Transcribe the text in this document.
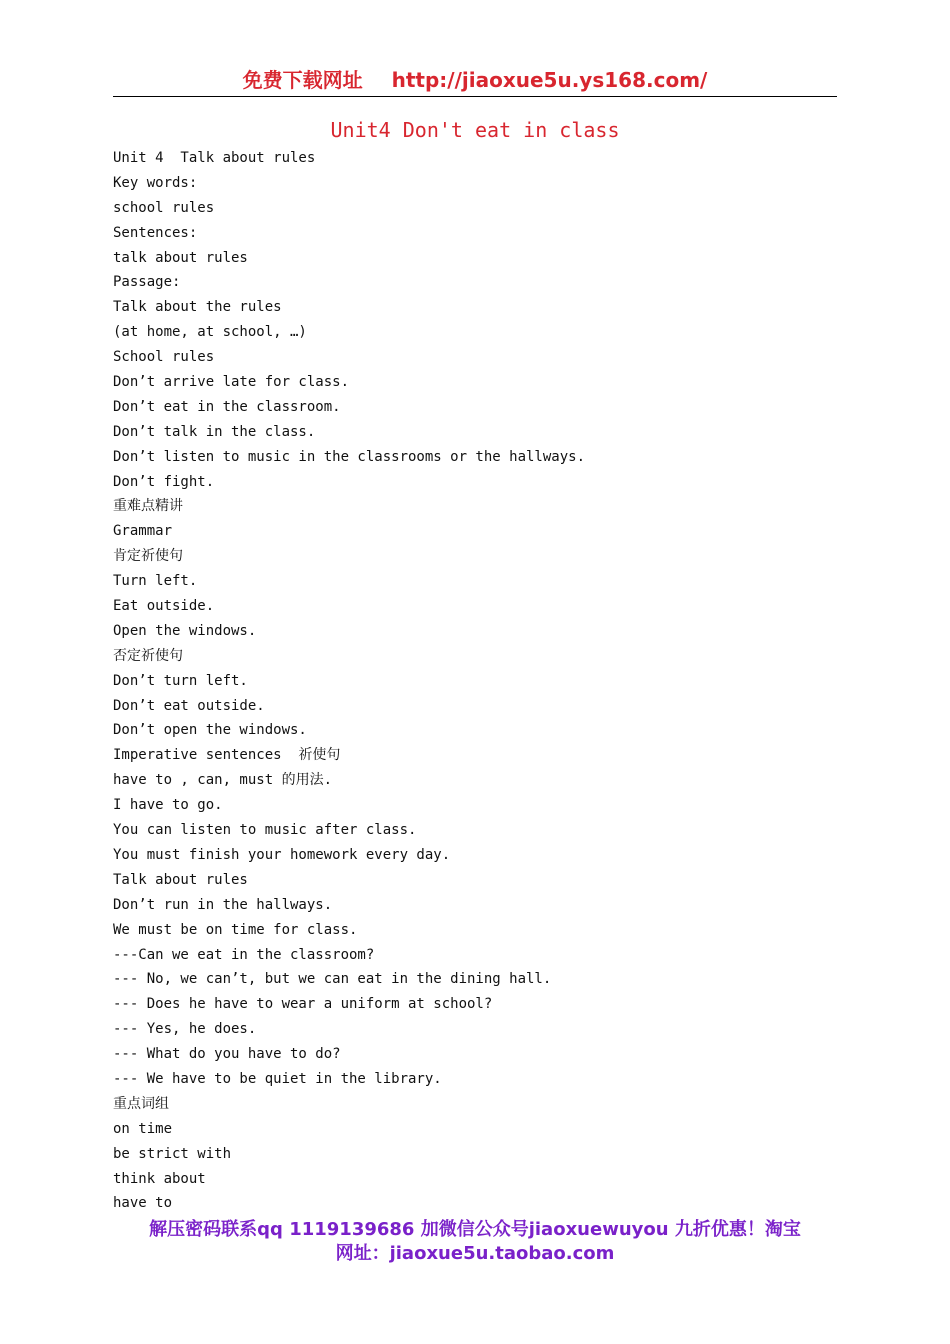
免费下载网址 http://jiaoxue5u.ys168.com/
Unit4 Don't eat in class
Unit 4  Talk about rules
Key words:
school rules
Sentences:
talk about rules
Passage:
Talk about the rules
(at home, at school, …)
School rules
Don’t arrive late for class.
Don’t eat in the classroom.
Don’t talk in the class.
Don’t listen to music in the classrooms or the hallways.
Don’t fight.
重难点精讲
Grammar
肯定祈使句
Turn left.
Eat outside.
Open the windows.
否定祈使句
Don’t turn left.
Don’t eat outside.
Don’t open the windows.
Imperative sentences  祈使句
have to , can, must 的用法.
I have to go.
You can listen to music after class.
You must finish your homework every day.
Talk about rules
Don’t run in the hallways.
We must be on time for class.
---Can we eat in the classroom?
--- No, we can’t, but we can eat in the dining hall.
--- Does he have to wear a uniform at school?
--- Yes, he does.
--- What do you have to do?
--- We have to be quiet in the library.
重点词组
on time
be strict with
think about
have to
解压密码联系qq 1119139686 加微信公众号jiaoxuewuyou 九折优惠！淘宝
网址：jiaoxue5u.taobao.com
